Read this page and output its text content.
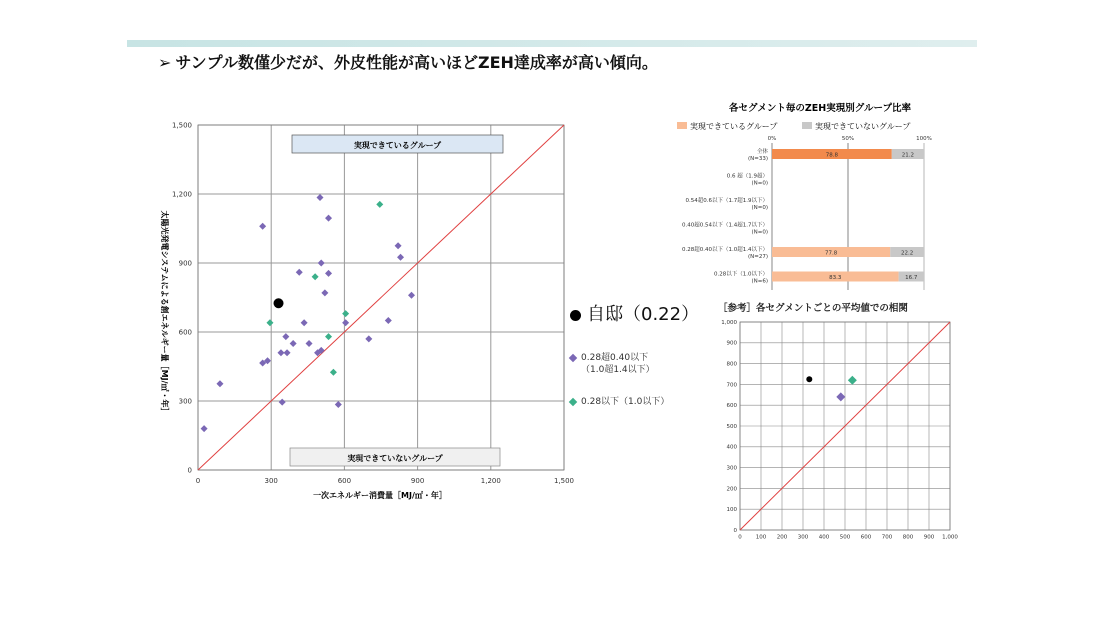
➢ サンプル数僅少だが、外皮性能が高いほどZEH達成率が高い傾向。
実現できているグループ
実現できていないグループ
0	300	600	900	1,200	1,500
0
300
600
900
1,200
1,500
一次エネルギー消費量［MJ/㎡・年］
太陽光発電システムによる創エネルギー量［MJ/㎡・年］	自邸（0.22）
0.28超0.40以下
（1.0超1.4以下）
0.28以下（1.0以下）
各セグメント毎のZEH実現別グループ比率
実現できているグループ	実現できていないグループ
0%	50%	100%
全体
(N=33)
78.8	21.2
0.6 超（1.9超）
(N=0)
0.54超0.6以下（1.7超1.9以下）
(N=0)
0.40超0.54以下（1.4超1.7以下）
(N=0)
0.28超0.40以下（1.0超1.4以下）
(N=27)
77.8	22.2
0.28以下（1.0以下）
(N=6)
83.3	16.7
［参考］各セグメントごとの平均値での相関
0	100 200 300 400 500 600 700 800 900 1,000
0
100
200
300
400
500
600
700
800
900
1,000
